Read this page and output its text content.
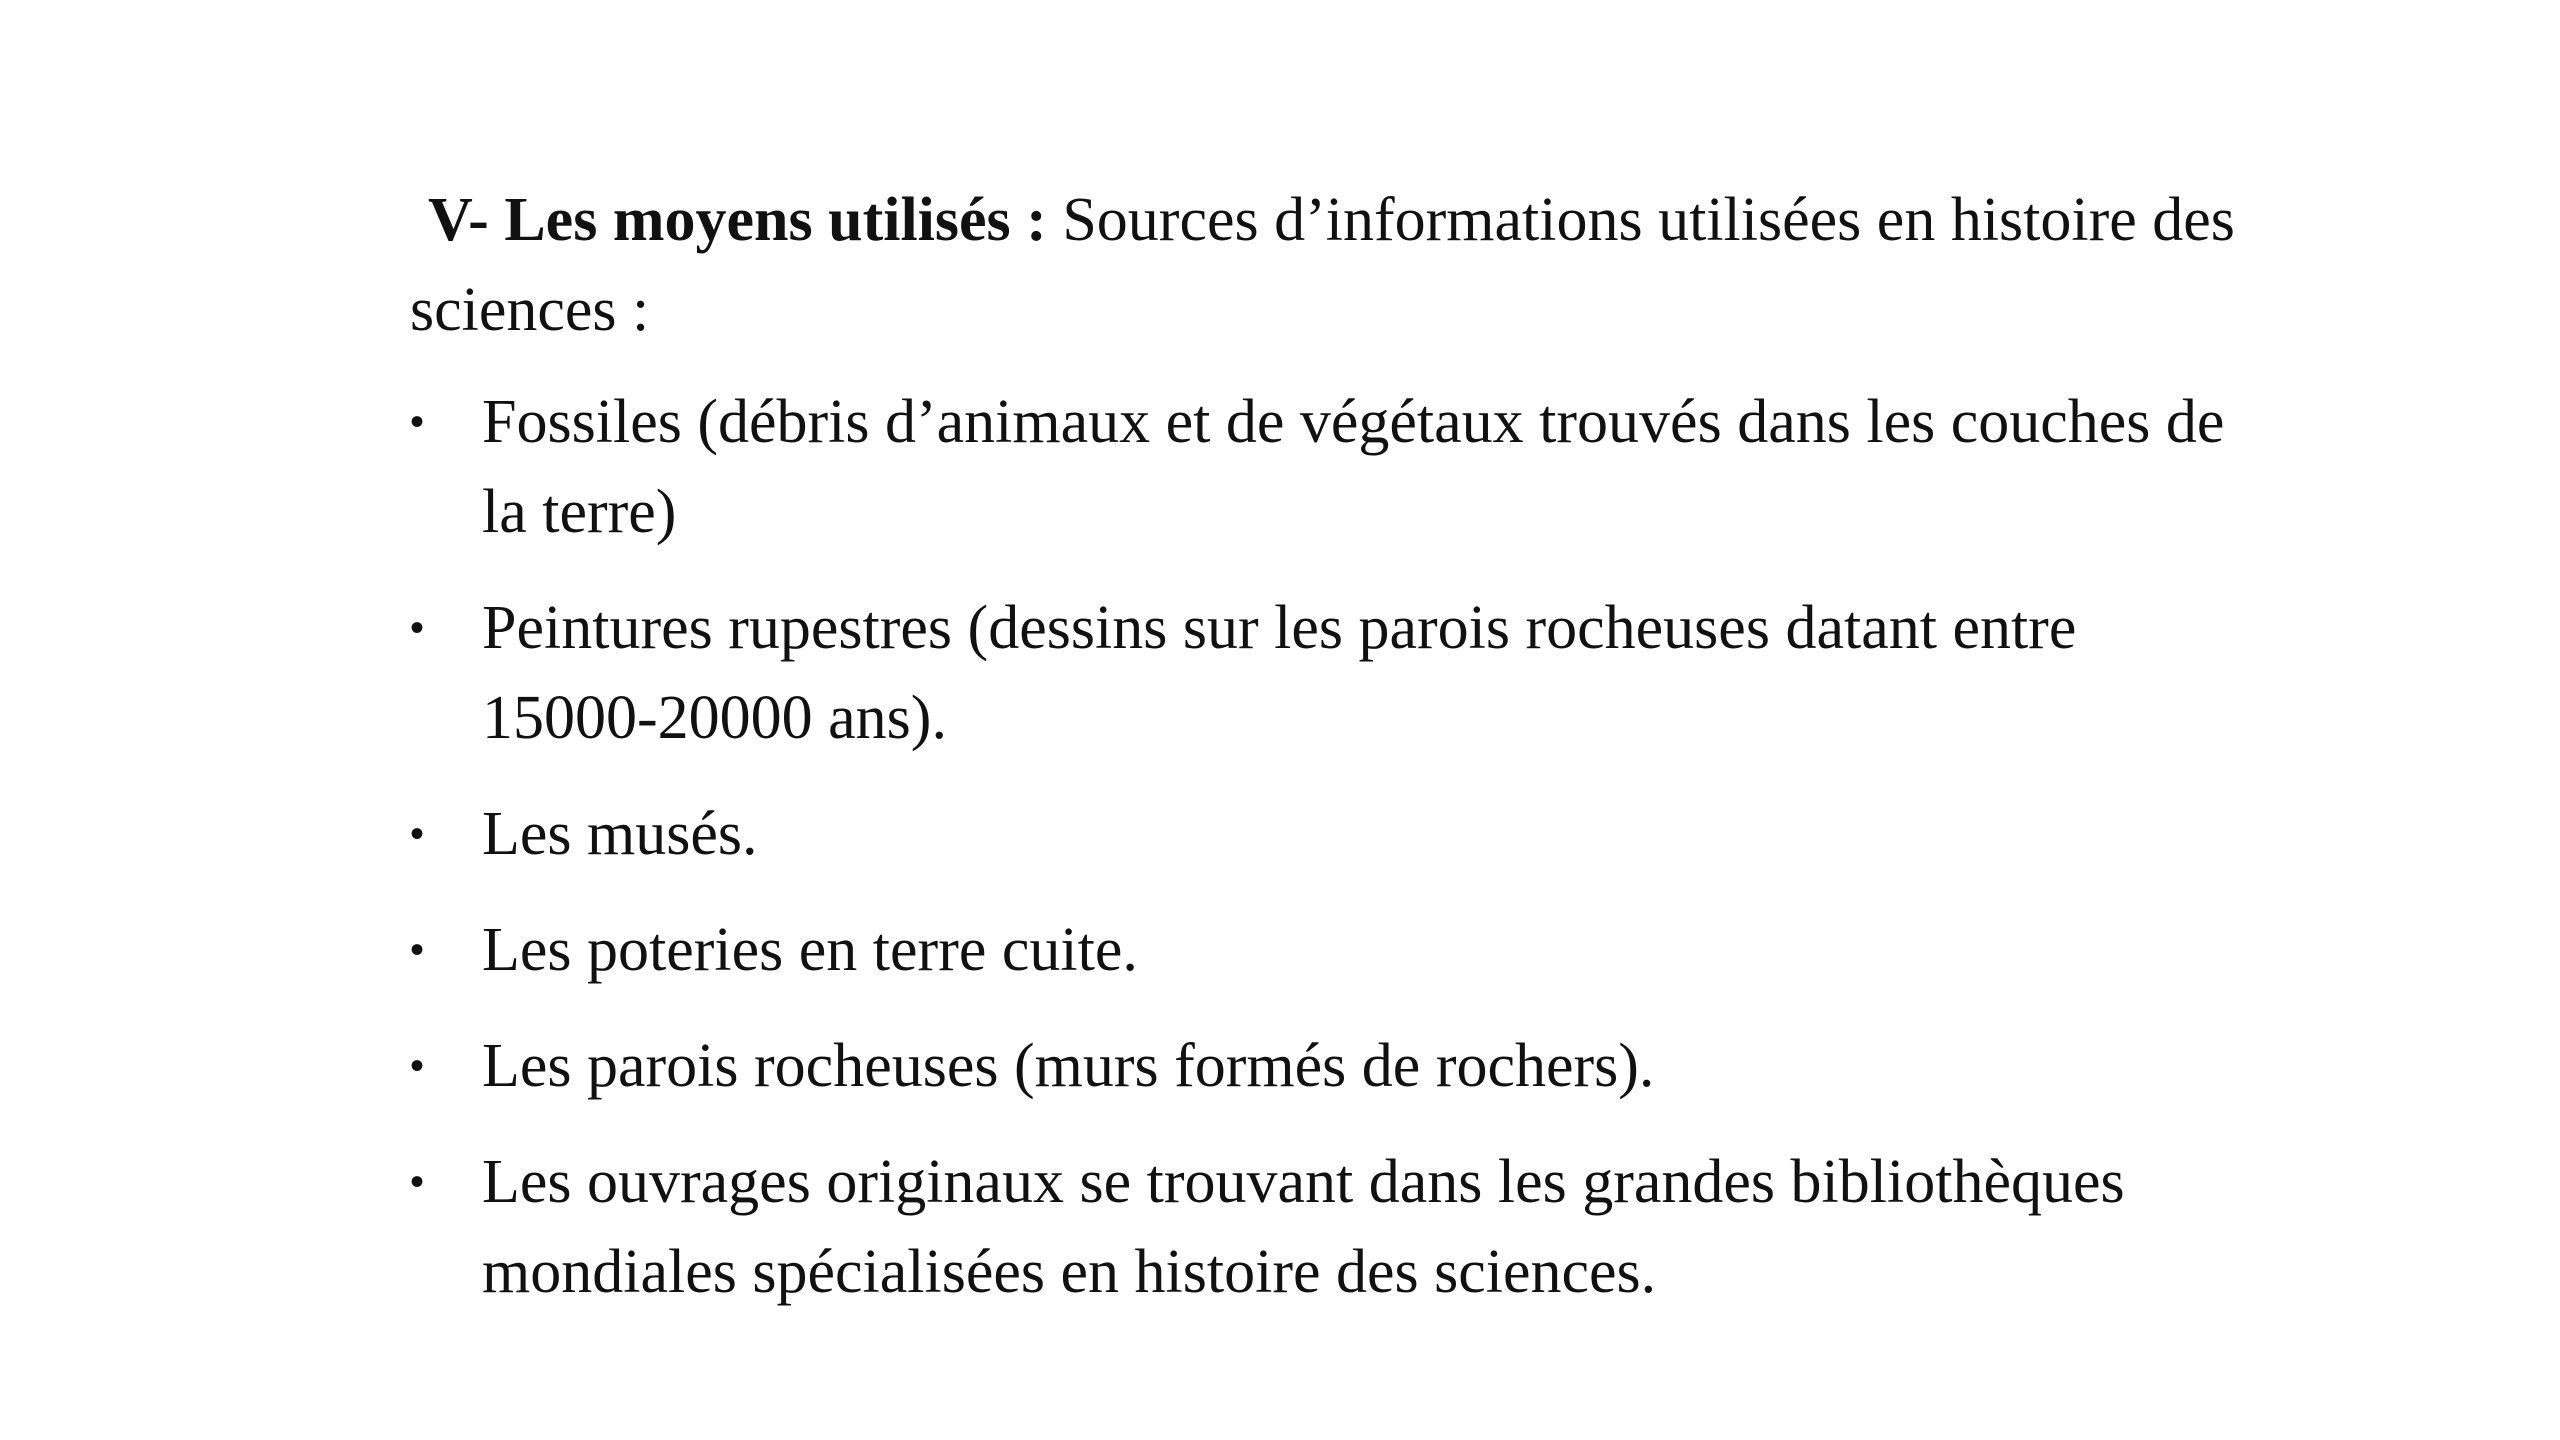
V- Les moyens utilisés : Sources d’informations utilisées en histoire des sciences :

• Fossiles (débris d’animaux et de végétaux trouvés dans les couches de la terre)
• Peintures rupestres (dessins sur les parois rocheuses datant entre 15000-20000 ans).
• Les musés.
• Les poteries en terre cuite.
• Les parois rocheuses (murs formés de rochers).
• Les ouvrages originaux se trouvant dans les grandes bibliothèques mondiales spécialisées en histoire des sciences.
